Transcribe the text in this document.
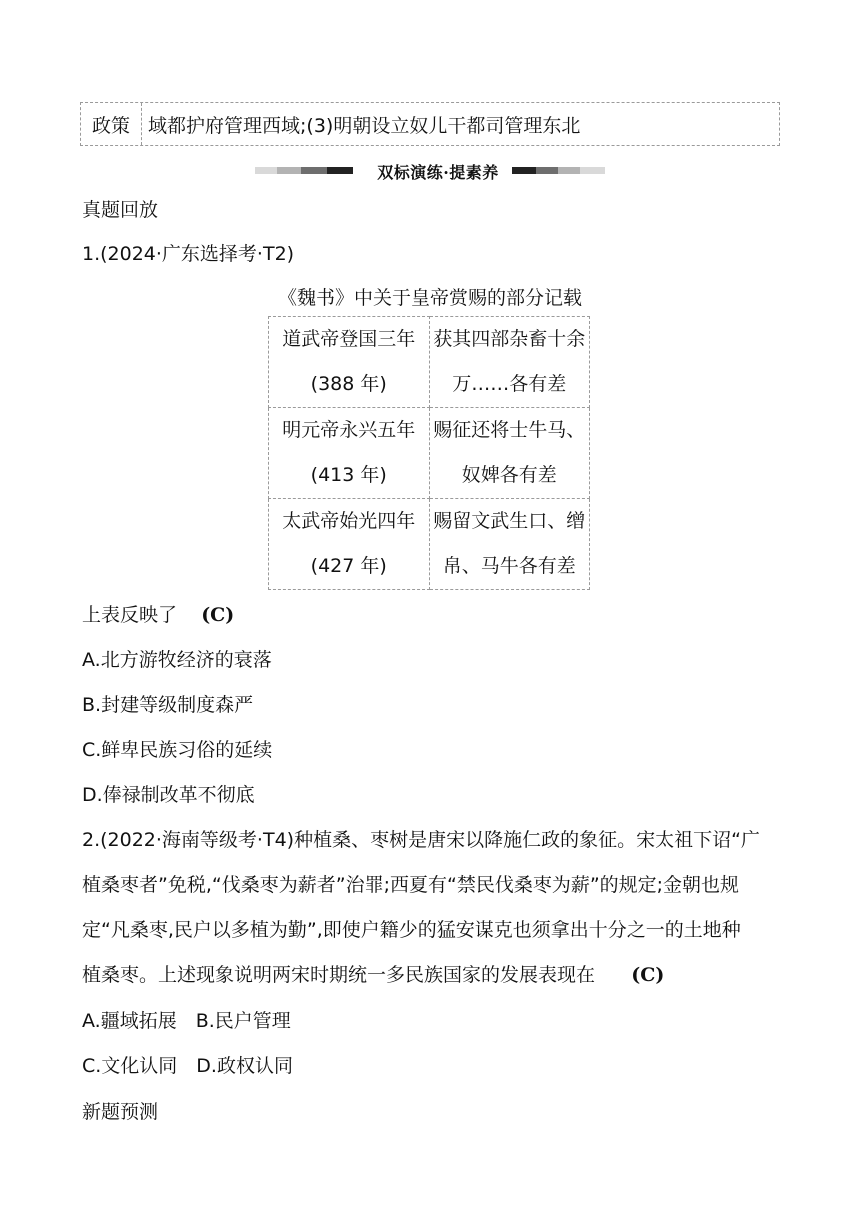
政策 域都护府管理西域;(3)明朝设立奴儿干都司管理东北
双标演练·提素养
真题回放
1.(2024·广东选择考·T2)
《魏书》中关于皇帝赏赐的部分记载
道武帝登国三年
(388 年)	获其四部杂畜十余
万……各有差

明元帝永兴五年
(413 年)	赐征还将士牛马、
奴婢各有差

太武帝始光四年
(427 年)	赐留文武生口、缯
帛、马牛各有差
上表反映了 (C)
A.北方游牧经济的衰落
B.封建等级制度森严
C.鲜卑民族习俗的延续
D.俸禄制改革不彻底
2.(2022·海南等级考·T4)种植桑、枣树是唐宋以降施仁政的象征。宋太祖下诏“广
植桑枣者”免税,“伐桑枣为薪者”治罪;西夏有“禁民伐桑枣为薪”的规定;金朝也规
定“凡桑枣,民户以多植为勤”,即使户籍少的猛安谋克也须拿出十分之一的土地种
植桑枣。上述现象说明两宋时期统一多民族国家的发展表现在 (C)
A.疆域拓展　B.民户管理
C.文化认同　D.政权认同
新题预测
